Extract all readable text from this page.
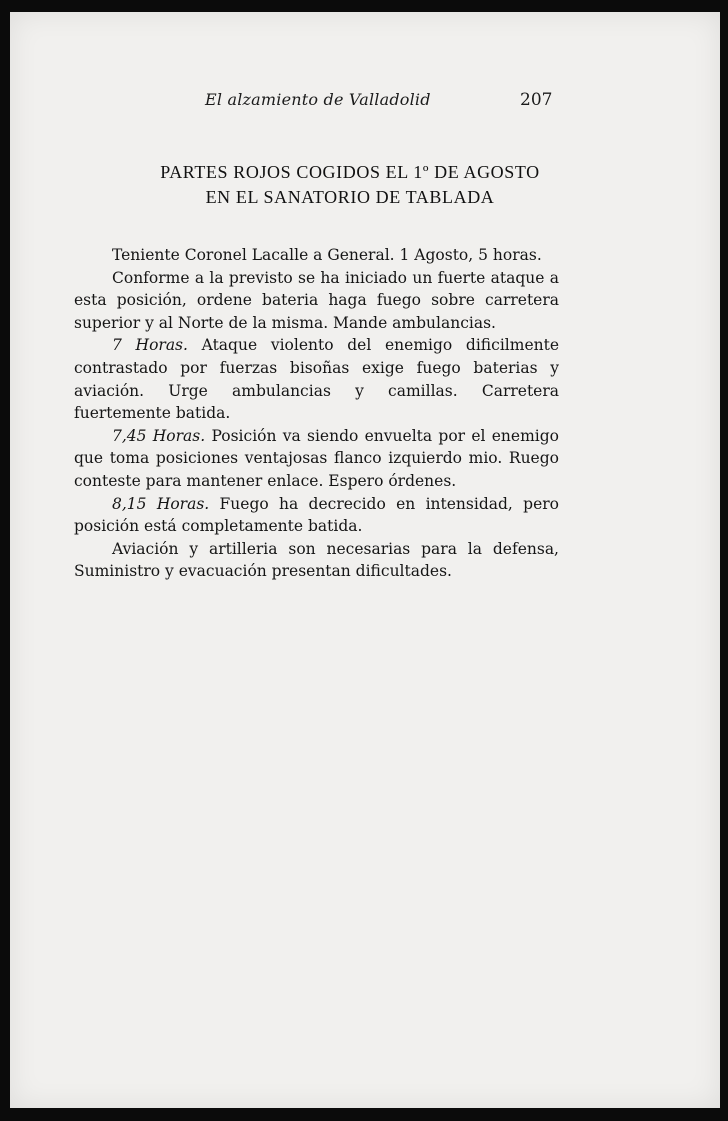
El alzamiento de Valladolid	207
PARTES ROJOS COGIDOS EL 1º DE AGOSTO
EN EL SANATORIO DE TABLADA

Teniente Coronel Lacalle a General. 1 Agosto, 5 horas.

Conforme a la previsto se ha iniciado un fuerte ataque a esta posición, ordene bateria haga fuego sobre carretera superior y al Norte de la misma. Mande ambulancias.

7 Horas. Ataque violento del enemigo dificilmente contrastado por fuerzas bisoñas exige fuego baterias y aviación. Urge ambulancias y camillas. Carretera fuertemente batida.

7,45 Horas. Posición va siendo envuelta por el enemigo que toma posiciones ventajosas flanco izquierdo mio. Ruego conteste para mantener enlace. Espero órdenes.

8,15 Horas. Fuego ha decrecido en intensidad, pero posición está completamente batida.

Aviación y artilleria son necesarias para la defensa, Suministro y evacuación presentan dificultades.
